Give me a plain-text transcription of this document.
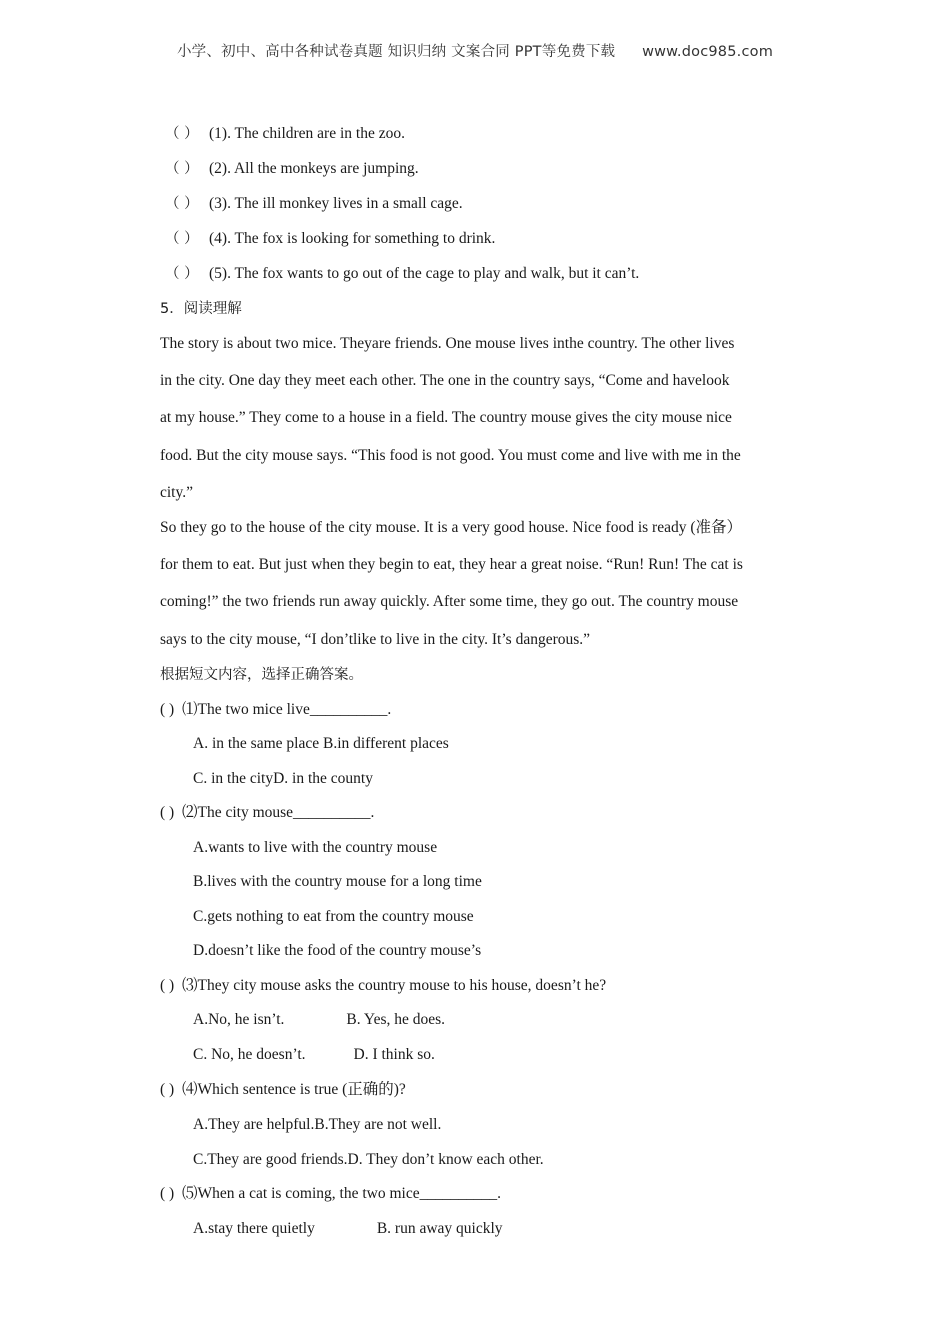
小学、初中、高中各种试卷真题 知识归纳 文案合同 PPT等免费下载 www.doc985.com
（ ） (1). The children are in the zoo.
（ ） (2). All the monkeys are jumping.
（ ） (3). The ill monkey lives in a small cage.
（ ） (4). The fox is looking for something to drink.
（ ） (5). The fox wants to go out of the cage to play and walk, but it can’t.
5．阅读理解
The story is about two mice. Theyare friends. One mouse lives inthe country. The other lives
in the city. One day they meet each other. The one in the country says, “Come and havelook
at my house.” They come to a house in a field. The country mouse gives the city mouse nice
food. But the city mouse says. “This food is not good. You must come and live with me in the
city.”
So they go to the house of the city mouse. It is a very good house. Nice food is ready (准备）
for them to eat. But just when they begin to eat, they hear a great noise. “Run! Run! The cat is
coming!” the two friends run away quickly. After some time, they go out. The country mouse
says to the city mouse, “I don’tlike to live in the city. It’s dangerous.”
根据短文内容，选择正确答案。
( ) ⑴The two mice live__________.
A. in the same place B.in different places
C. in the cityD. in the county
( ) ⑵The city mouse__________.
A.wants to live with the country mouse
B.lives with the country mouse for a long time
C.gets nothing to eat from the country mouse
D.doesn’t like the food of the country mouse’s
( ) ⑶They city mouse asks the country mouse to his house, doesn’t he?
A.No, he isn’t.	B. Yes, he does.
C. No, he doesn’t.	D. I think so.
( ) ⑷Which sentence is true (正确的)?
A.They are helpful.B.They are not well.
C.They are good friends.D. They don’t know each other.
( ) ⑸When a cat is coming, the two mice__________.
A.stay there quietly	B. run away quickly
